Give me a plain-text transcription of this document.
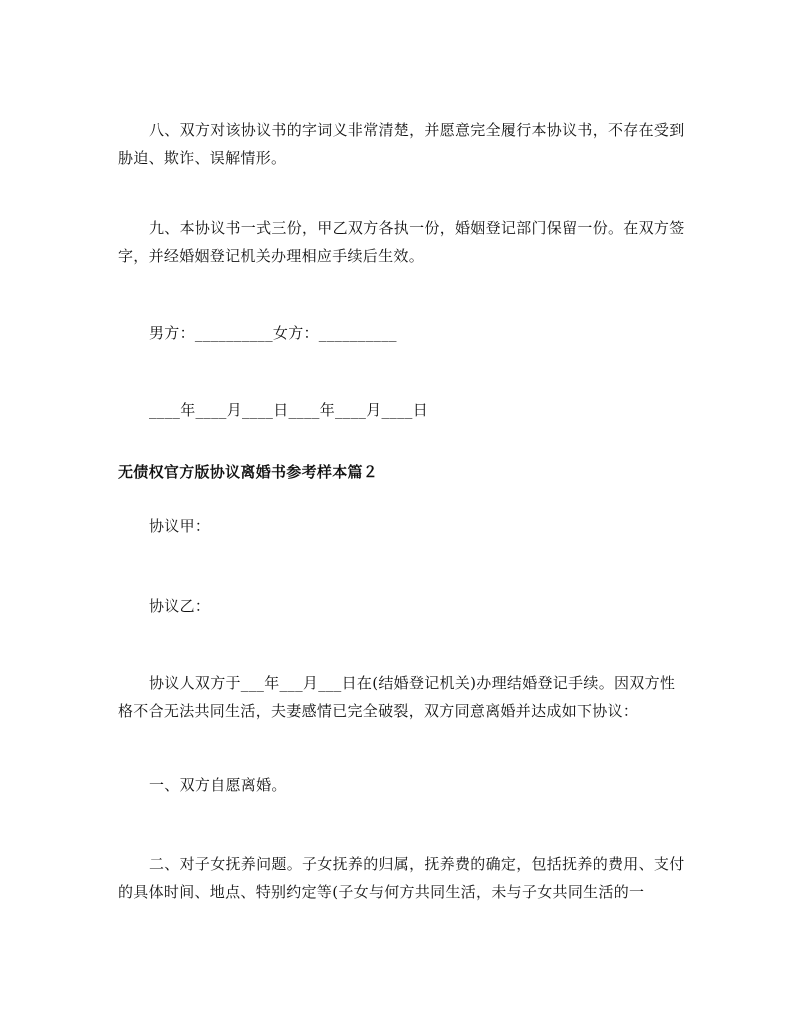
八、双方对该协议书的字词义非常清楚，并愿意完全履行本协议书，不存在受到胁迫、欺诈、误解情形。

九、本协议书一式三份，甲乙双方各执一份，婚姻登记部门保留一份。在双方签字，并经婚姻登记机关办理相应手续后生效。

男方：__________女方：__________

____年____月____日____年____月____日

无债权官方版协议离婚书参考样本篇２

协议甲：

协议乙：

协议人双方于___年___月___日在(结婚登记机关)办理结婚登记手续。因双方性格不合无法共同生活，夫妻感情已完全破裂，双方同意离婚并达成如下协议：

一、双方自愿离婚。

二、对子女抚养问题。子女抚养的归属，抚养费的确定，包括抚养的费用、支付的具体时间、地点、特别约定等(子女与何方共同生活，未与子女共同生活的一
